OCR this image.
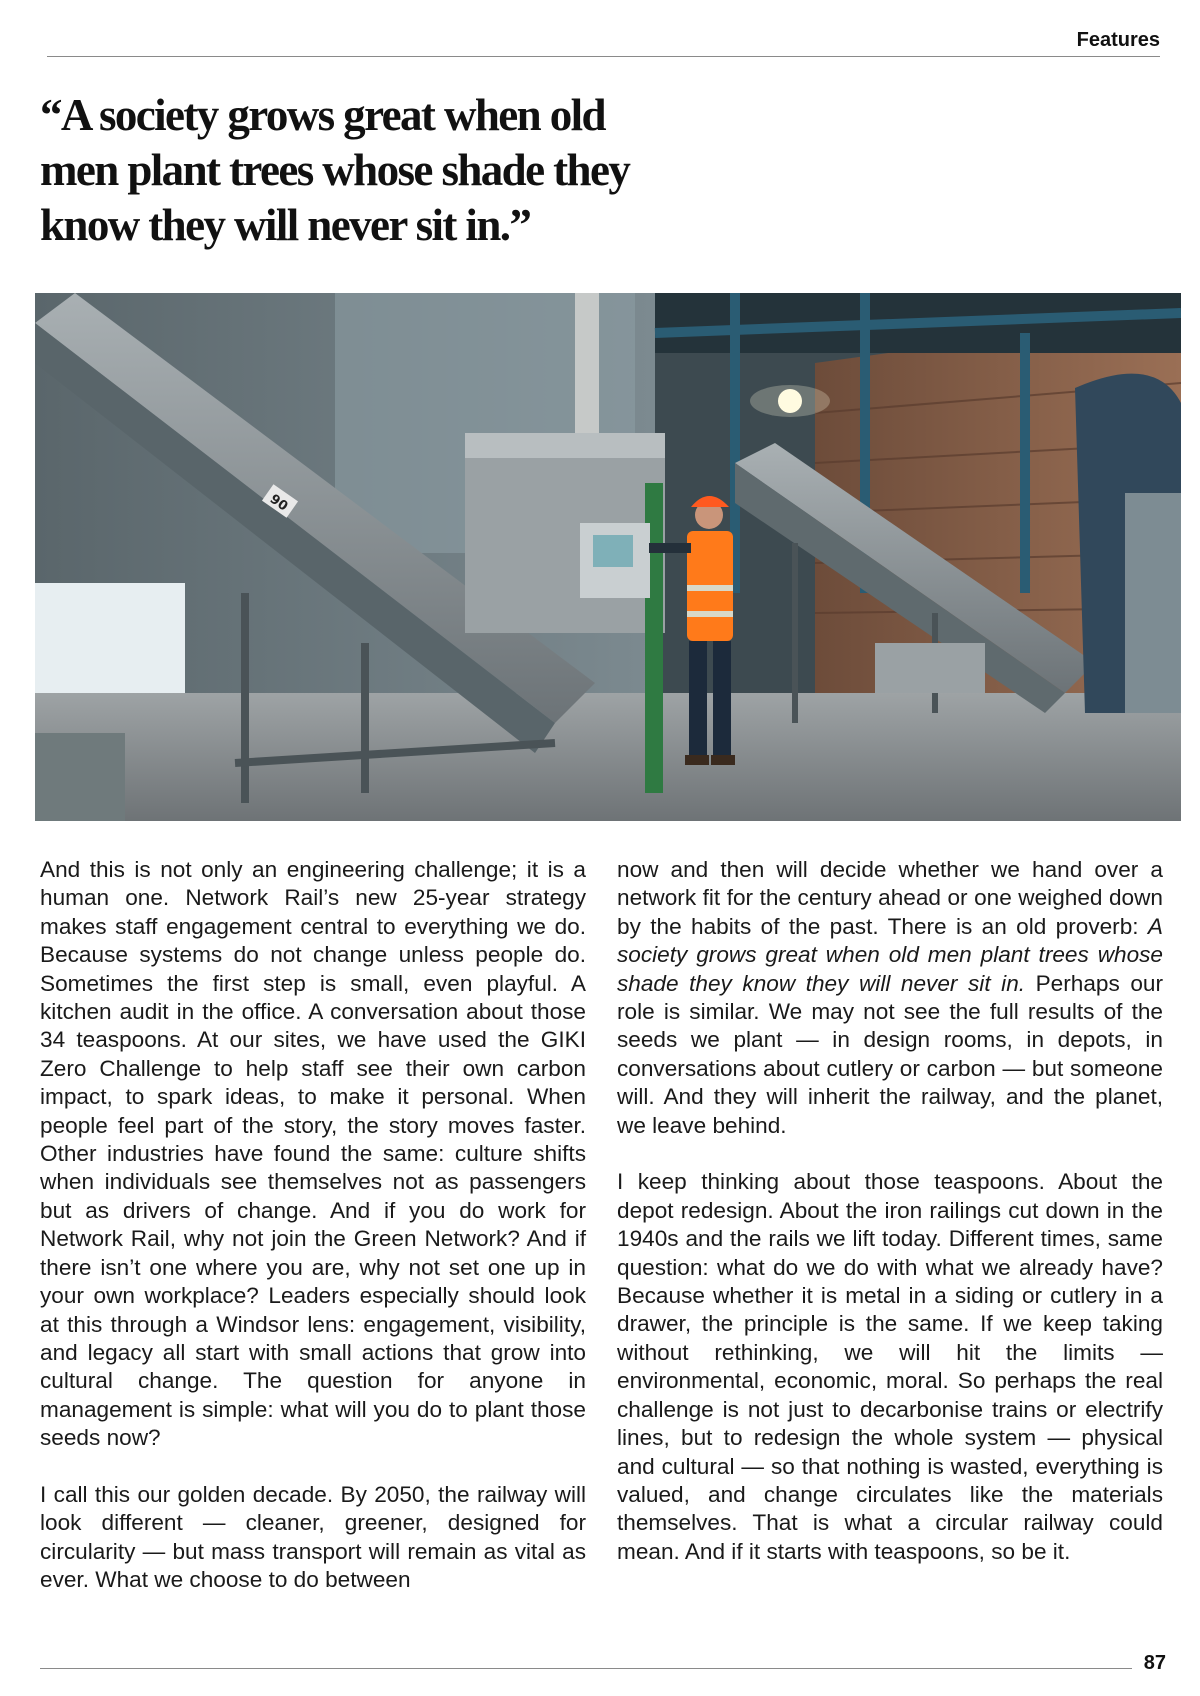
Features
“A society grows great when old men plant trees whose shade they know they will never sit in.”
90

And this is not only an engineering challenge; it is a human one. Network Rail’s new 25-year strategy makes staff engagement central to everything we do. Because systems do not change unless people do. Sometimes the first step is small, even playful. A kitchen audit in the office. A conversation about those 34 teaspoons. At our sites, we have used the GIKI Zero Challenge to help staff see their own carbon impact, to spark ideas, to make it personal. When people feel part of the story, the story moves faster. Other industries have found the same: culture shifts when individuals see themselves not as passengers but as drivers of change. And if you do work for Network Rail, why not join the Green Network? And if there isn’t one where you are, why not set one up in your own workplace? Leaders especially should look at this through a Windsor lens: engagement, visibility, and legacy all start with small actions that grow into cultural change. The question for anyone in management is simple: what will you do to plant those seeds now?

I call this our golden decade. By 2050, the railway will look different — cleaner, greener, designed for circularity — but mass transport will remain as vital as ever. What we choose to do between

now and then will decide whether we hand over a network fit for the century ahead or one weighed down by the habits of the past. There is an old proverb: A society grows great when old men plant trees whose shade they know they will never sit in. Perhaps our role is similar. We may not see the full results of the seeds we plant — in design rooms, in depots, in conversations about cutlery or carbon — but someone will. And they will inherit the railway, and the planet, we leave behind.

I keep thinking about those teaspoons. About the depot redesign. About the iron railings cut down in the 1940s and the rails we lift today. Different times, same question: what do we do with what we already have? Because whether it is metal in a siding or cutlery in a drawer, the principle is the same. If we keep taking without rethinking, we will hit the limits — environmental, economic, moral. So perhaps the real challenge is not just to decarbonise trains or electrify lines, but to redesign the whole system — physical and cultural — so that nothing is wasted, everything is valued, and change circulates like the materials themselves. That is what a circular railway could mean. And if it starts with teaspoons, so be it.

87
